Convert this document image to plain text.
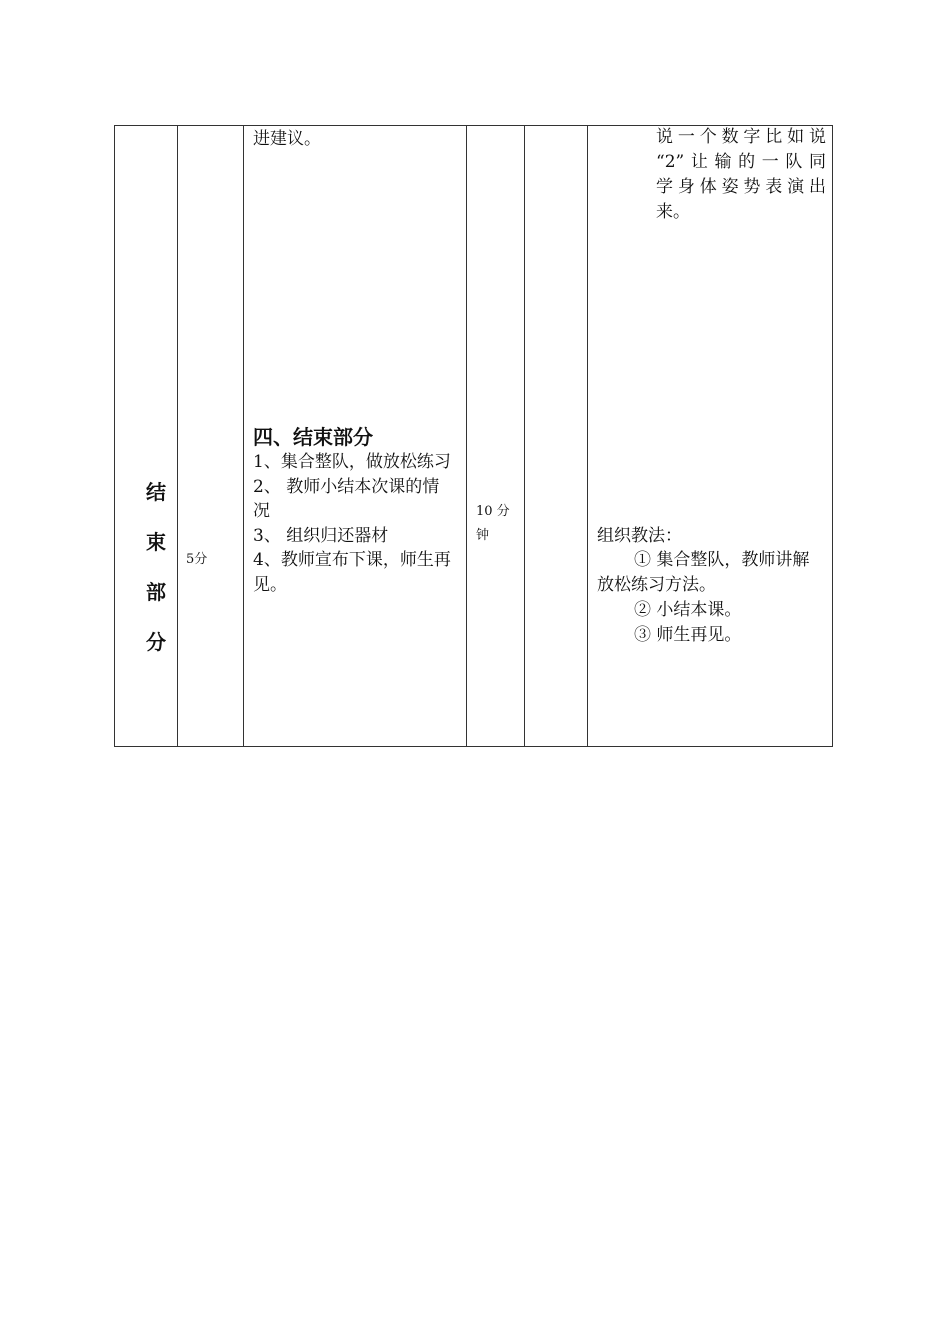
结
束
部
分
5分
进建议。
四、结束部分
1、集合整队，做放松练习
2、 教师小结本次课的情
况
3、 组织归还器材
4、教师宣布下课，师生再
见。
10 分
钟
说一个数字比如说
“2”让输的一队同
学身体姿势表演出
来。
组织教法：
① 集合整队，教师讲解
放松练习方法。
② 小结本课。
③ 师生再见。
